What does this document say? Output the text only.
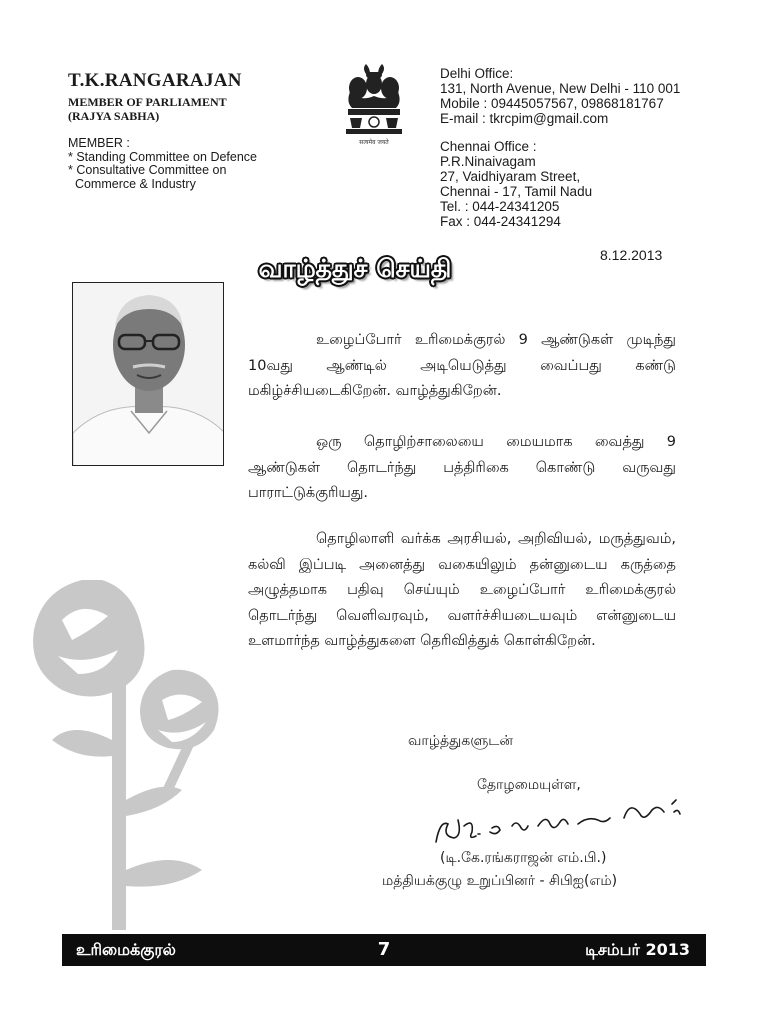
T.K.RANGARAJAN
MEMBER OF PARLIAMENT
(RAJYA SABHA)
MEMBER :
* Standing Committee on Defence
* Consultative Committee on
Commerce & Industry
सत्यमेव जयते
Delhi Office:
131, North Avenue, New Delhi - 110 001
Mobile : 09445057567, 09868181767
E-mail : tkrcpim@gmail.com
Chennai Office :
P.R.Ninaivagam
27, Vaidhiyaram Street,
Chennai - 17, Tamil Nadu
Tel. : 044-24341205
Fax : 044-24341294
8.12.2013
வாழ்த்துச் செய்தி
உழைப்போர் உரிமைக்குரல் 9 ஆண்டுகள் முடிந்து 10வது ஆண்டில் அடியெடுத்து வைப்பது கண்டு மகிழ்ச்சியடைகிறேன். வாழ்த்துகிறேன்.
ஒரு தொழிற்சாலையை மையமாக வைத்து 9 ஆண்டுகள் தொடர்ந்து பத்திரிகை கொண்டு வருவது பாராட்டுக்குரியது.
தொழிலாளி வர்க்க அரசியல், அறிவியல், மருத்துவம், கல்வி இப்படி அனைத்து வகையிலும் தன்னுடைய கருத்தை அழுத்தமாக பதிவு செய்யும் உழைப்போர் உரிமைக்குரல் தொடர்ந்து வெளிவரவும், வளர்ச்சியடையவும் என்னுடைய உளமார்ந்த வாழ்த்துகளை தெரிவித்துக் கொள்கிறேன்.
வாழ்த்துகளுடன்
தோழமையுள்ள,
(டி.கே.ரங்கராஜன் எம்.பி.)
மத்தியக்குழு உறுப்பினர் - சிபிஐ(எம்)
உரிமைக்குரல்	7	டிசம்பர் 2013
